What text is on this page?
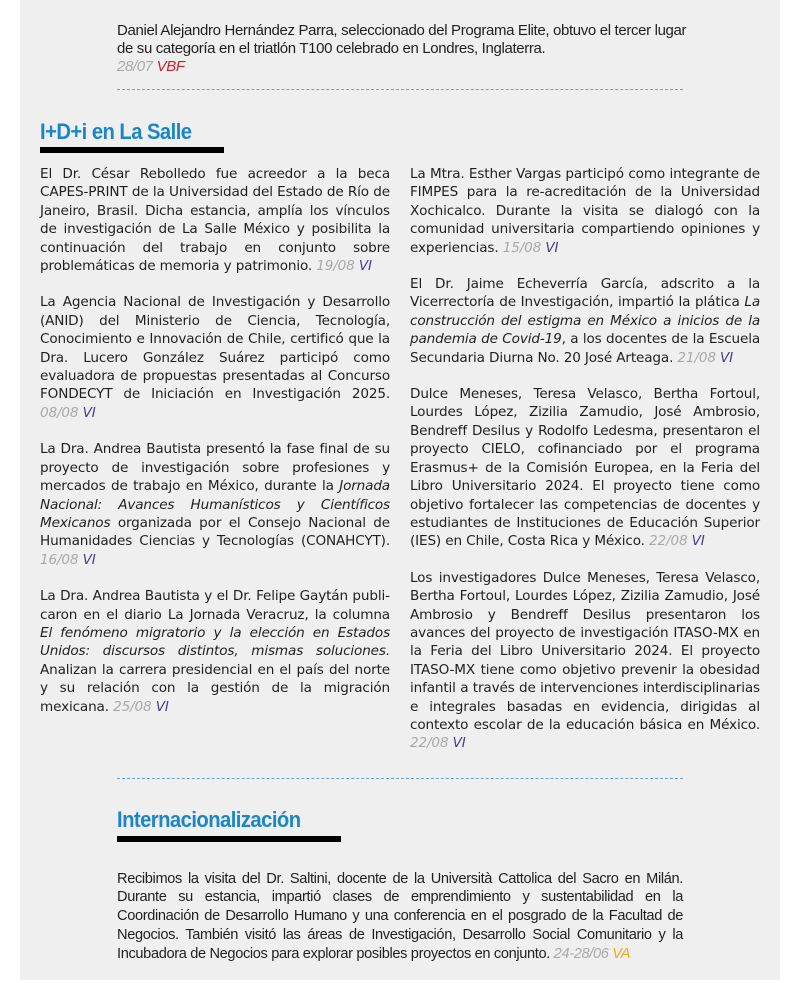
Daniel Alejandro Hernández Parra, seleccionado del Programa Elite, obtuvo el tercer lugar de su categoría en el triatlón T100 celebrado en Londres, Inglaterra.
28/07 VBF

I+D+i en La Salle

El Dr. César Rebolledo fue acreedor a la beca CAPES-PRINT de la Universidad del Estado de Río de Janeiro, Brasil. Dicha estancia, amplía los vínculos de investigación de La Salle México y posibilita la continuación del trabajo en conjunto sobre problemáticas de memoria y patrimonio. 19/08 VI

La Agencia Nacional de Investigación y Desarrollo (ANID) del Ministerio de Ciencia, Tecnología, Conocimiento e Innovación de Chile, certificó que la Dra. Lucero González Suárez participó como evaluadora de propuestas presentadas al Concurso FONDECYT de Iniciación en Investigación 2025. 08/08 VI

La Dra. Andrea Bautista presentó la fase final de su proyecto de investigación sobre profesiones y mercados de trabajo en México, durante la Jornada Nacional: Avances Humanísticos y Científicos Mexicanos organizada por el Consejo Nacional de Humanidades Ciencias y Tecnologías (CONAHCYT). 16/08 VI

La Dra. Andrea Bautista y el Dr. Felipe Gaytán publicaron en el diario La Jornada Veracruz, la columna El fenómeno migratorio y la elección en Estados Unidos: discursos distintos, mismas soluciones. Analizan la carrera presidencial en el país del norte y su relación con la gestión de la migración mexicana. 25/08 VI

La Mtra. Esther Vargas participó como integrante de FIMPES para la re-acreditación de la Universidad Xochicalco. Durante la visita se dialogó con la comunidad universitaria compartiendo opiniones y experiencias. 15/08 VI

El Dr. Jaime Echeverría García, adscrito a la Vicerrectoría de Investigación, impartió la plática La construcción del estigma en México a inicios de la pandemia de Covid-19, a los docentes de la Escuela Secundaria Diurna No. 20 José Arteaga. 21/08 VI

Dulce Meneses, Teresa Velasco, Bertha Fortoul, Lourdes López, Zizilia Zamudio, José Ambrosio, Bendreff Desilus y Rodolfo Ledesma, presentaron el proyecto CIELO, cofinanciado por el programa Erasmus+ de la Comisión Europea, en la Feria del Libro Universitario 2024. El proyecto tiene como objetivo fortalecer las competencias de docentes y estudiantes de Instituciones de Educación Superior (IES) en Chile, Costa Rica y México. 22/08 VI

Los investigadores Dulce Meneses, Teresa Velasco, Bertha Fortoul, Lourdes López, Zizilia Zamudio, José Ambrosio y Bendreff Desilus presentaron los avances del proyecto de investigación ITASO-MX en la Feria del Libro Universitario 2024. El proyecto ITASO-MX tiene como objetivo prevenir la obesidad infantil a través de intervenciones interdisciplinarias e integrales basadas en evidencia, dirigidas al contexto escolar de la educación básica en México. 22/08 VI

Internacionalización

Recibimos la visita del Dr. Saltini, docente de la Università Cattolica del Sacro en Milán. Durante su estancia, impartió clases de emprendimiento y sustentabilidad en la Coordinación de Desarrollo Humano y una conferencia en el posgrado de la Facultad de Negocios. También visitó las áreas de Investigación, Desarrollo Social Comunitario y la Incubadora de Negocios para explorar posibles proyectos en conjunto. 24-28/06 VA
